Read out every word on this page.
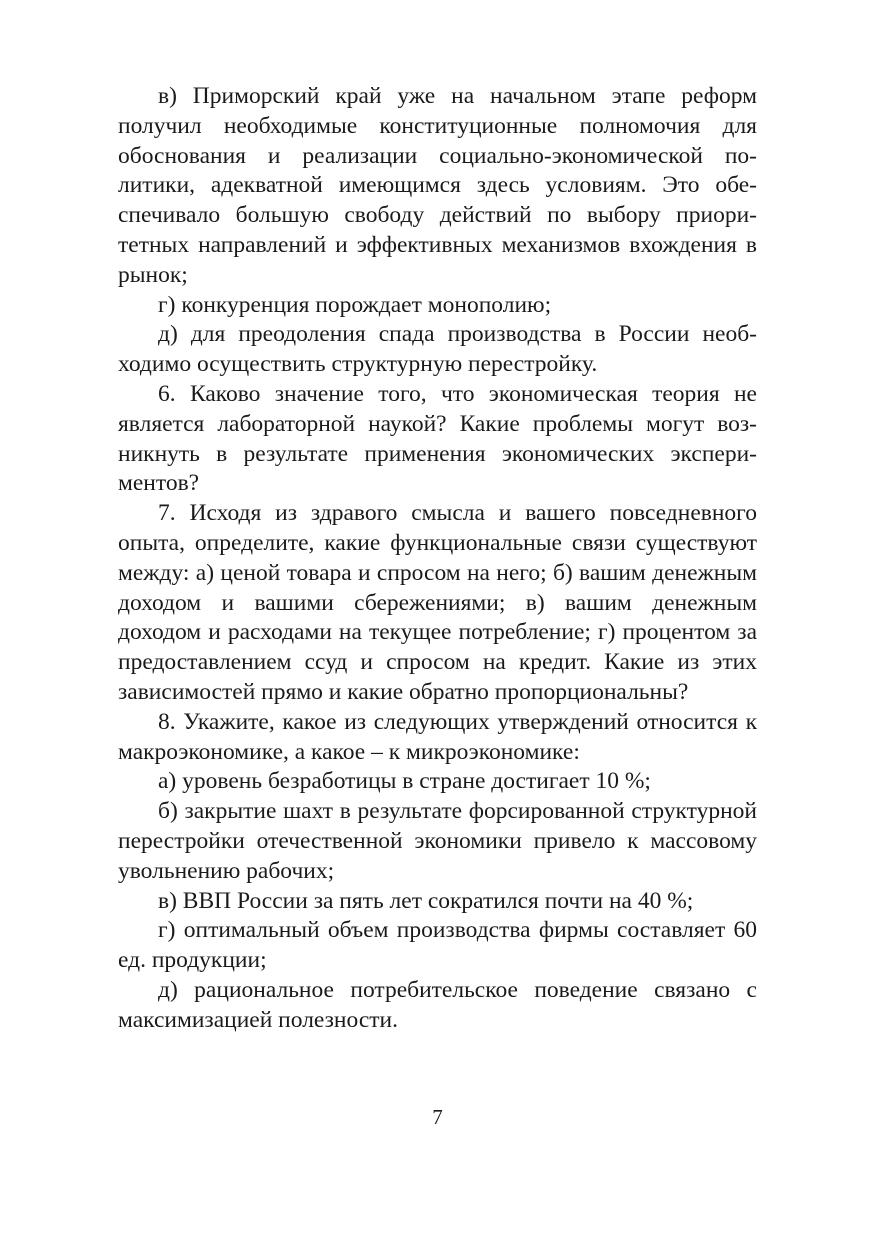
в) Приморский край уже на начальном этапе реформ получил необходимые конституционные полномочия для обоснования и реализации социально-экономической политики, адекватной имеющимся здесь условиям. Это обеспечивало большую свободу действий по выбору приоритетных направлений и эффективных механизмов вхождения в рынок;

г) конкуренция порождает монополию;

д) для преодоления спада производства в России необходимо осуществить структурную перестройку.

6. Каково значение того, что экономическая теория не является лабораторной наукой? Какие проблемы могут возникнуть в результате применения экономических экспериментов?

7. Исходя из здравого смысла и вашего повседневного опыта, определите, какие функциональные связи существуют между: а) ценой товара и спросом на него; б) вашим денежным доходом и вашими сбережениями; в) вашим денежным доходом и расходами на текущее потребление; г) процентом за предоставлением ссуд и спросом на кредит. Какие из этих зависимостей прямо и какие обратно пропорциональны?

8. Укажите, какое из следующих утверждений относится к макроэкономике, а какое – к микроэкономике:

а) уровень безработицы в стране достигает 10 %;

б) закрытие шахт в результате форсированной структурной перестройки отечественной экономики привело к массовому увольнению рабочих;

в) ВВП России за пять лет сократился почти на 40 %;

г) оптимальный объем производства фирмы составляет 60 ед. продукции;

д) рациональное потребительское поведение связано с максимизацией полезности.

7
